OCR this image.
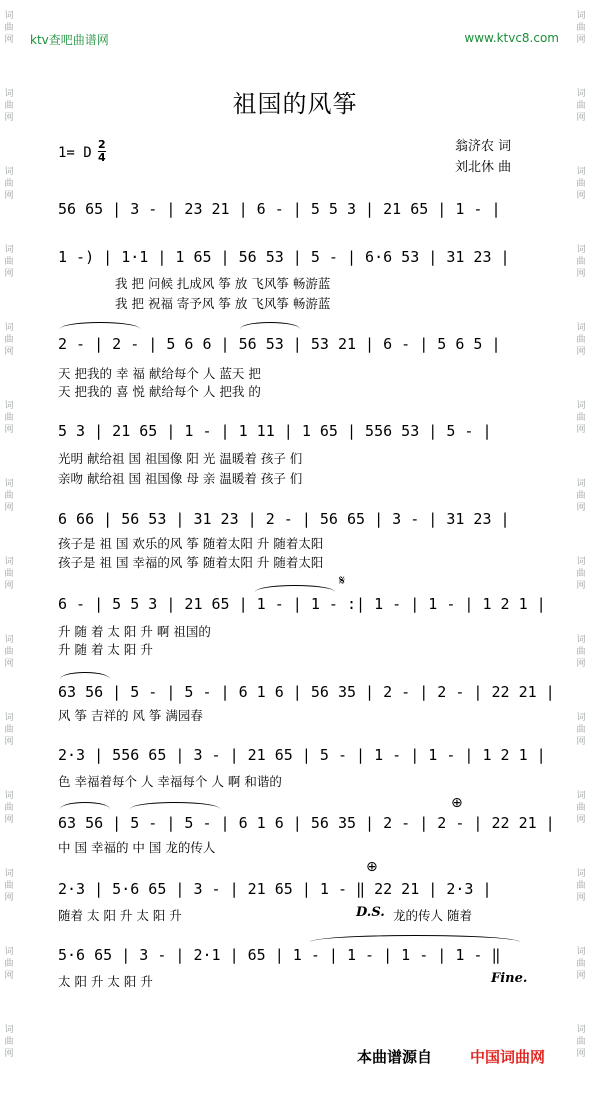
词
曲
网
词
曲
网
词
曲
网
词
曲
网
词
曲
网
词
曲
网
词
曲
网
词
曲
网
词
曲
网
词
曲
网
词
曲
网
词
曲
网
词
曲
网
词
曲
网
词
曲
网
词
曲
网
词
曲
网
词
曲
网
词
曲
网
词
曲
网
词
曲
网
词
曲
网
词
曲
网
词
曲
网
词
曲
网
词
曲
网
词
曲
网
词
曲
网
ktv查吧曲谱网	www.ktvc8.com
祖国的风筝
1= D
2
4
翁济农 词
刘北休 曲
56 65 | 3 - | 23 21 | 6 - | 5 5 3 | 21 65 | 1 - |
1 -) | 1·1 | 1 65 | 56 53 | 5 - | 6·6 53 | 31 23 |
我 把 问候 扎成风 筝 放 飞风筝 畅游蓝
我 把 祝福 寄予风 筝 放 飞风筝 畅游蓝
2 - | 2 - | 5 6 6 | 56 53 | 53 21 | 6 - | 5 6 5 |
天 把我的 幸 福 献给每个 人 蓝天 把
天 把我的 喜 悦 献给每个 人 把我 的
5 3 | 21 65 | 1 - | 1 11 | 1 65 | 556 53 | 5 - |
光明 献给祖 国 祖国像 阳 光 温暖着 孩子 们
亲吻 献给祖 国 祖国像 母 亲 温暖着 孩子 们
6 66 | 56 53 | 31 23 | 2 - | 56 65 | 3 - | 31 23 |
孩子是 祖 国 欢乐的风 筝 随着太阳 升 随着太阳
孩子是 祖 国 幸福的风 筝 随着太阳 升 随着太阳
6 - | 5 5 3 | 21 65 | 1 - | 1 - :| 1 - | 1 - | 1 2 1 |
𝄋
升 随 着 太 阳 升 啊 祖国的
升 随 着 太 阳 升
63 56 | 5 - | 5 - | 6 1 6 | 56 35 | 2 - | 2 - | 22 21 |
风 筝 吉祥的 风 筝 满园春
2·3 | 556 65 | 3 - | 21 65 | 5 - | 1 - | 1 - | 1 2 1 |
色 幸福着每个 人 幸福每个 人 啊 和谐的
63 56 | 5 - | 5 - | 6 1 6 | 56 35 | 2 - | 2 - | 22 21 |
⊕
中 国 幸福的 中 国 龙的传人
2·3 | 5·6 65 | 3 - | 21 65 | 1 - ‖ 22 21 | 2·3 |
⊕
随着 太 阳 升 太 阳 升	D.S. 龙的传人 随着
5·6 65 | 3 - | 2·1 | 65 | 1 - | 1 - | 1 - | 1 - ‖
太 阳 升 太 阳 升	Fine.
本曲谱源自	中国词曲网
